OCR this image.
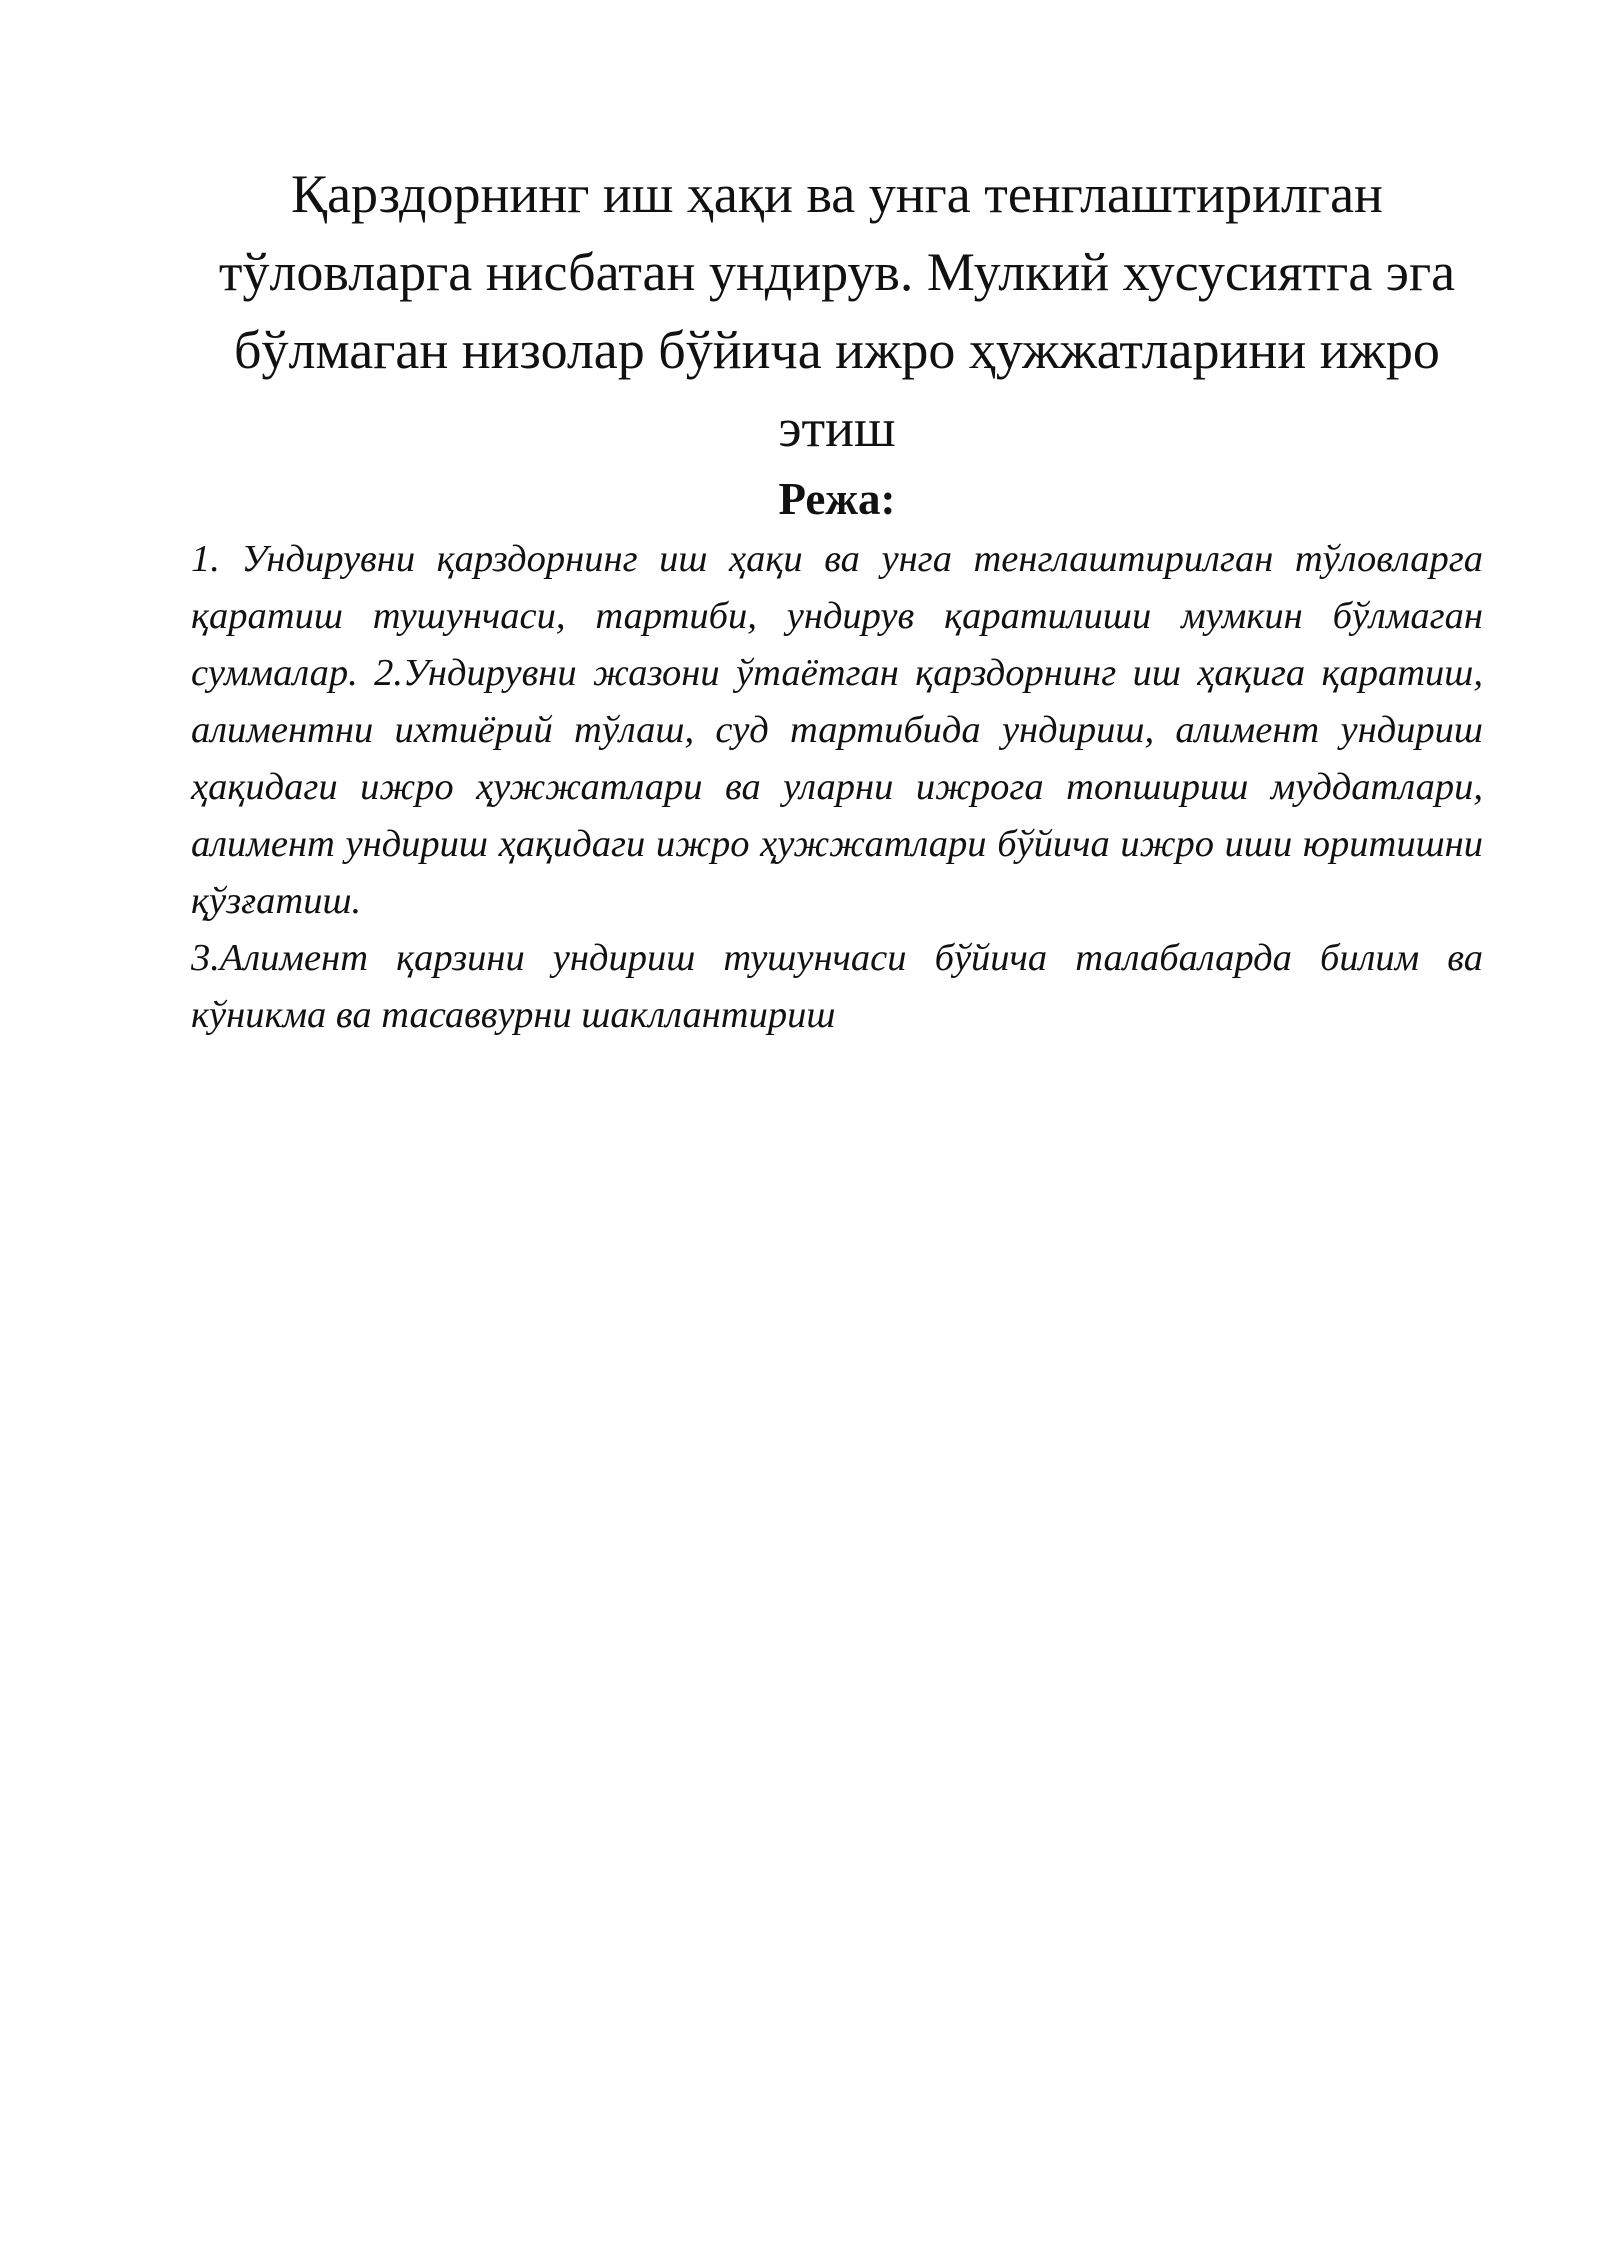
Қарздорнинг иш ҳақи ва унга тенглаштирилган тўловларга нисбатан ундирув. Мулкий хусусиятга эга бўлмаган низолар бўйича ижро ҳужжатларини ижро этиш
Режа:

1. Ундирувни қарздорнинг иш ҳақи ва унга тенглаштирилган тўловларга қаратиш тушунчаси, тартиби, ундирув қаратилиши мумкин бўлмаган суммалар. 2.Ундирувни жазони ўтаётган қарздорнинг иш ҳақига қаратиш, алиментни ихтиёрий тўлаш, суд тартибида ундириш, алимент ундириш ҳақидаги ижро ҳужжатлари ва уларни ижрога топшириш муддатлари, алимент ундириш ҳақидаги ижро ҳужжатлари бўйича ижро иши юритишни қўзғатиш.

3.Алимент қарзини ундириш тушунчаси бўйича талабаларда билим ва кўникма ва тасаввурни шакллантириш
